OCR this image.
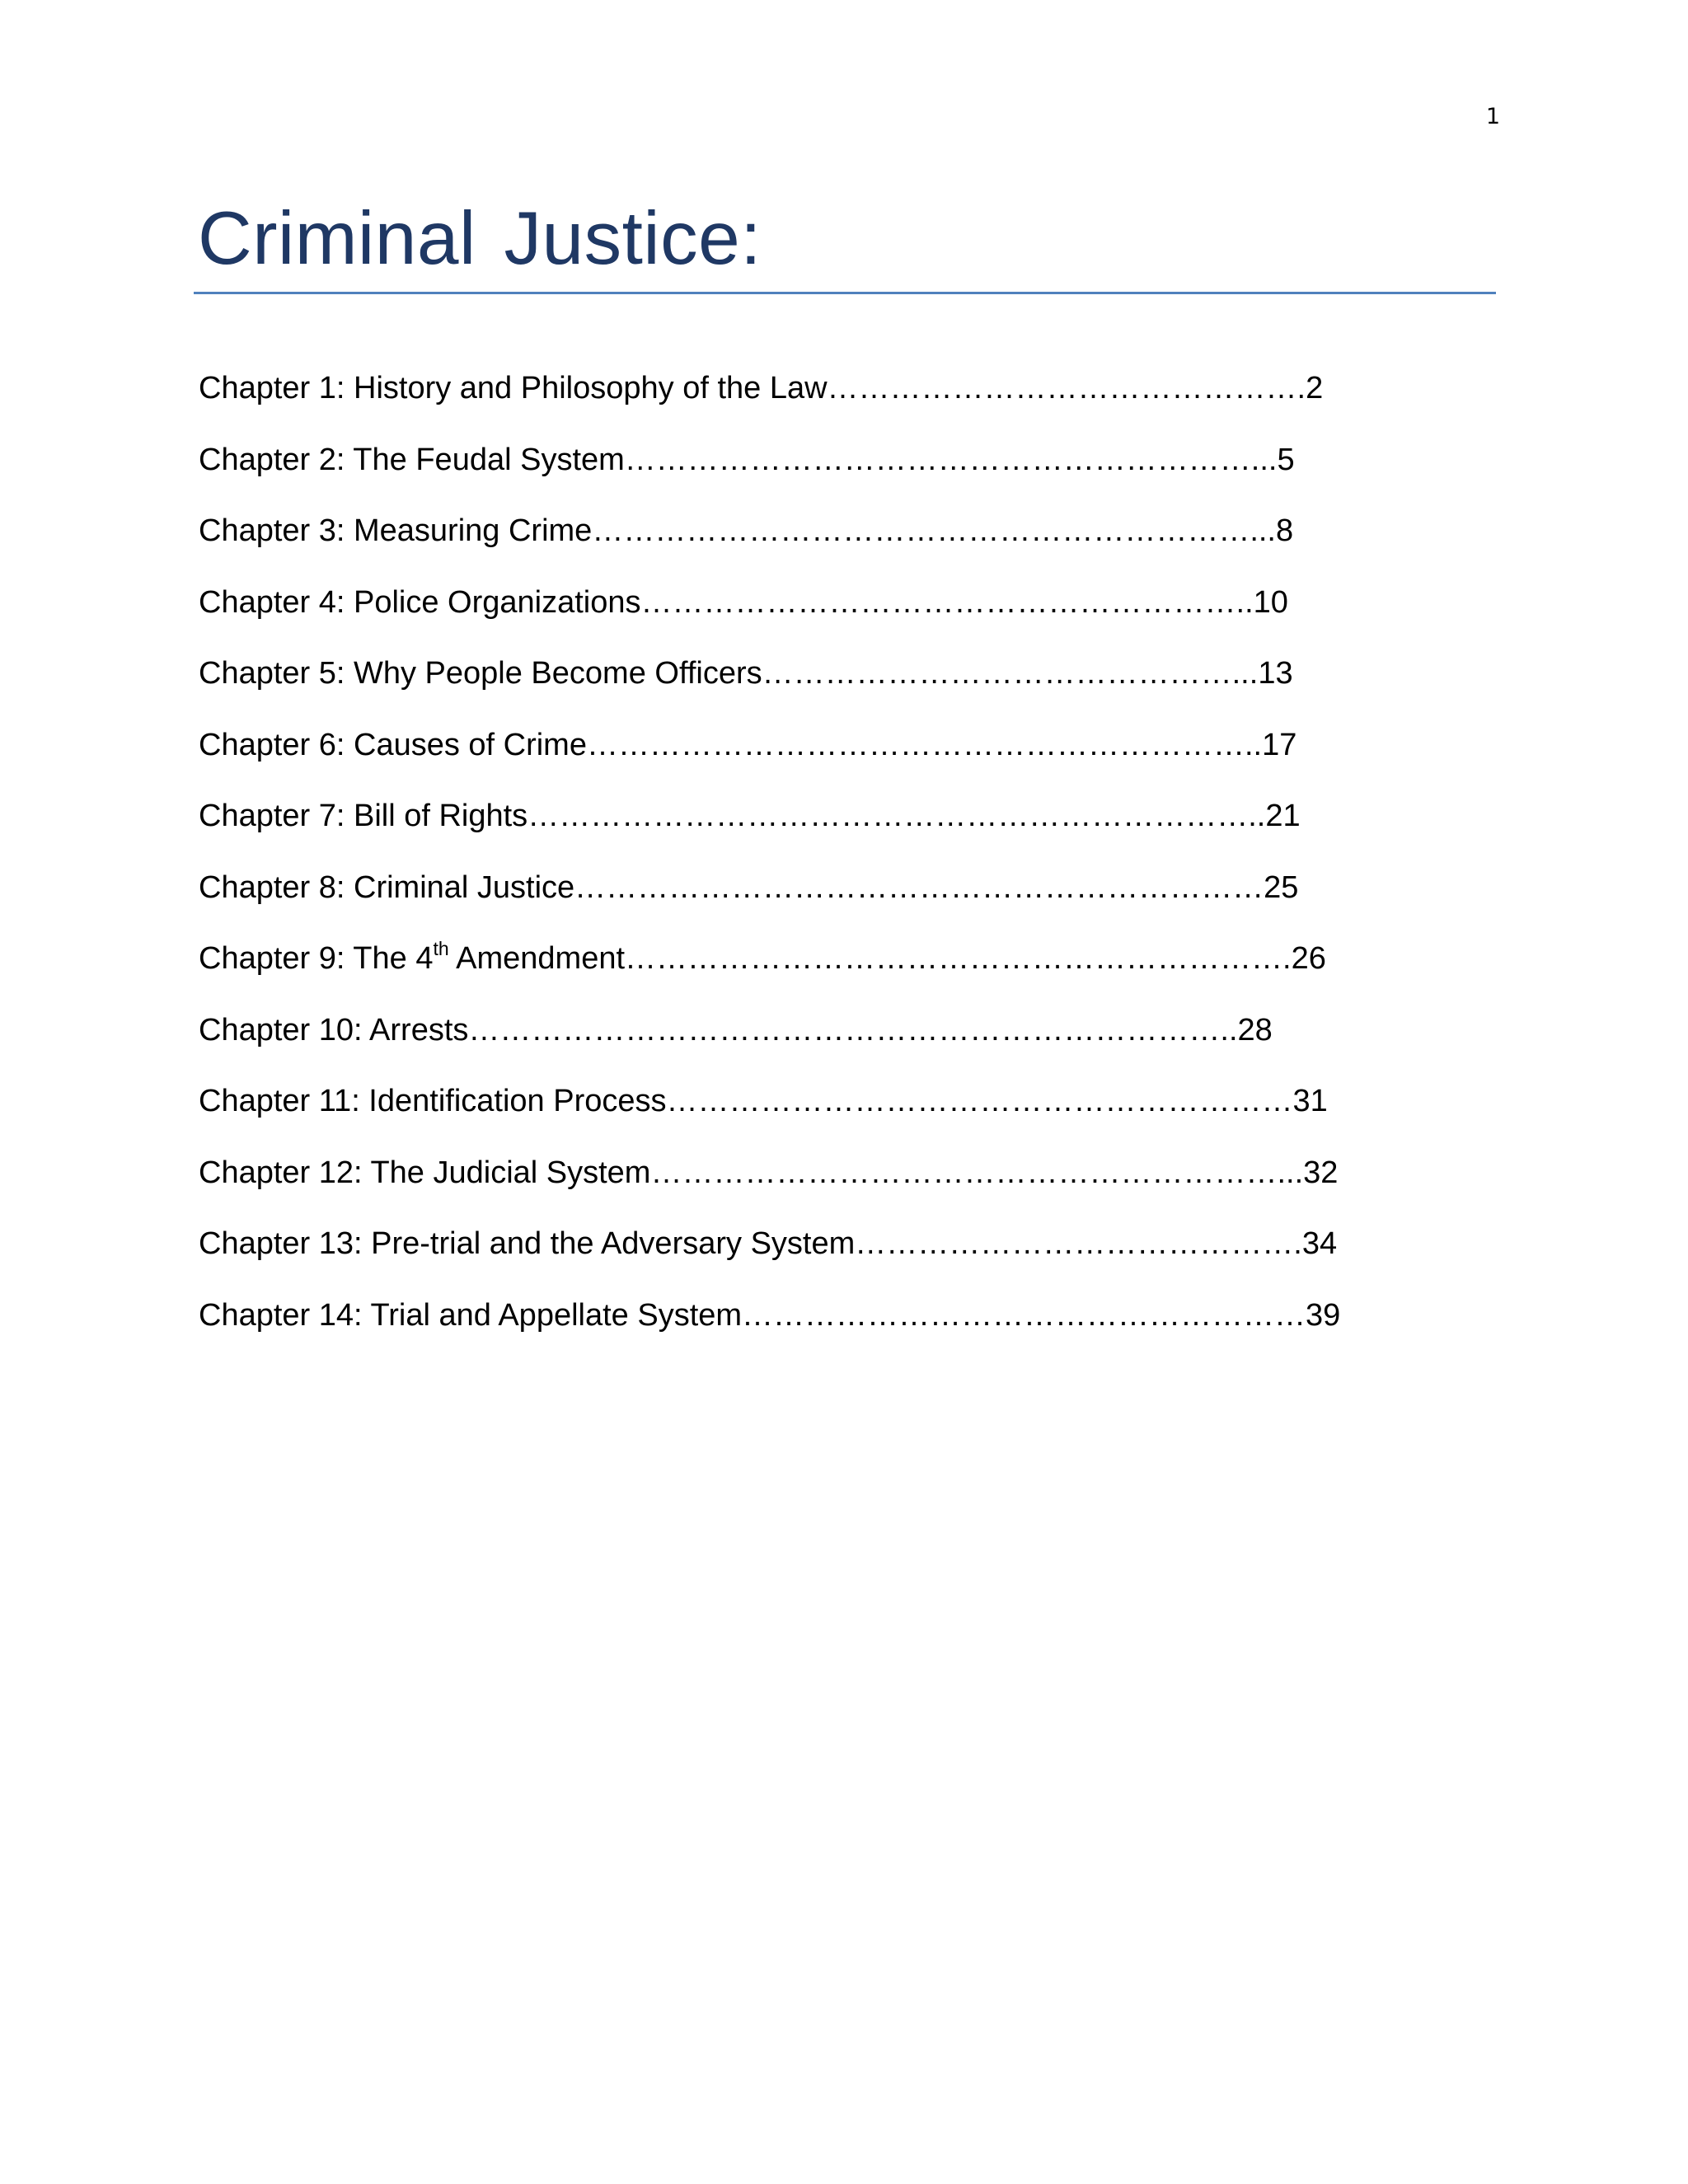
1
Criminal Justice:
Chapter 1: History and Philosophy of the Law……………………………………….2
Chapter 2: The Feudal System……………………………………………………...5
Chapter 3: Measuring Crime………………………………………………………...8
Chapter 4: Police Organizations…………………………………………………..10
Chapter 5: Why People Become Officers………………………………………...13
Chapter 6: Causes of Crime………………………………………………………..17
Chapter 7: Bill of Rights……………………………………………………………..21
Chapter 8: Criminal Justice…………………………………………………………25
Chapter 9: The 4th Amendment……………………………………………………….26
Chapter 10: Arrests………………………………………………………………..28
Chapter 11: Identification Process……………………………………………………31
Chapter 12: The Judicial System……………………………………………………...32
Chapter 13: Pre-trial and the Adversary System…………………………………….34
Chapter 14: Trial and Appellate System………………………………………………39
